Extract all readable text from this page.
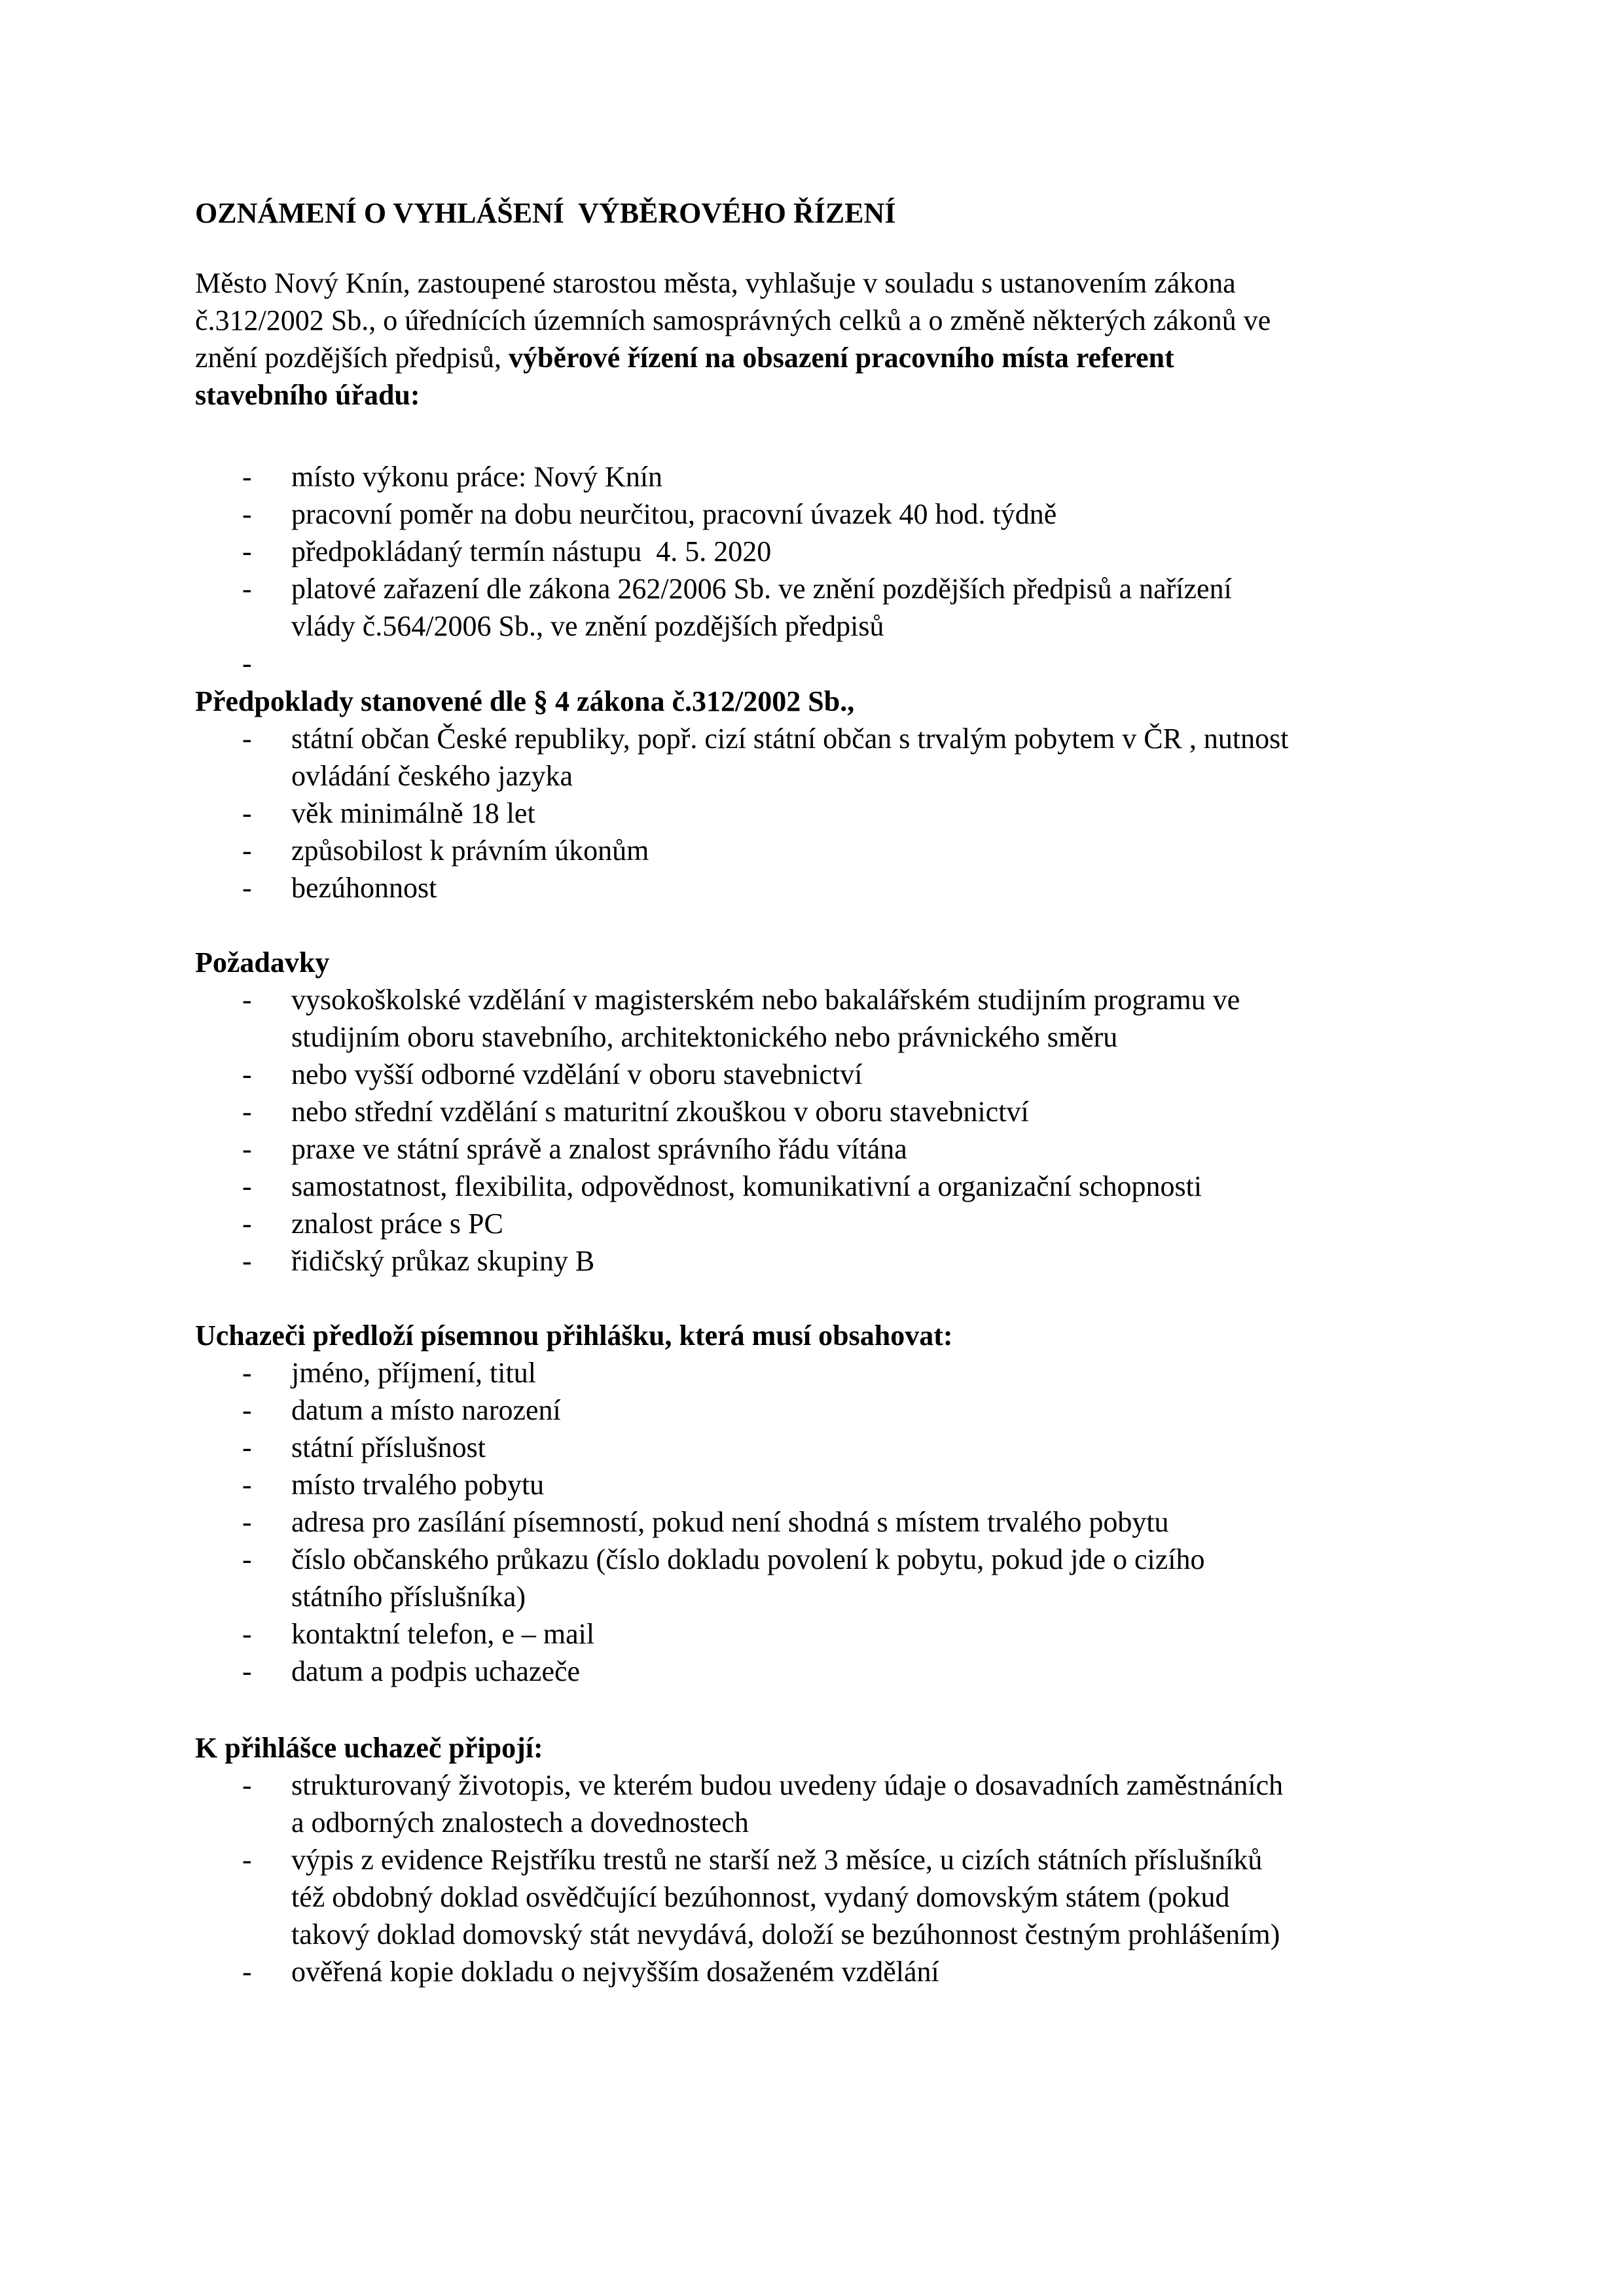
OZNÁMENÍ O VYHLÁŠENÍ  VÝBĚROVÉHO ŘÍZENÍ

Město Nový Knín, zastoupené starostou města, vyhlašuje v souladu s ustanovením zákona
č.312/2002 Sb., o úřednících územních samosprávných celků a o změně některých zákonů ve
znění pozdějších předpisů, výběrové řízení na obsazení pracovního místa referent
stavebního úřadu:

- místo výkonu práce: Nový Knín
- pracovní poměr na dobu neurčitou, pracovní úvazek 40 hod. týdně
- předpokládaný termín nástupu  4. 5. 2020
- platové zařazení dle zákona 262/2006 Sb. ve znění pozdějších předpisů a nařízení
vlády č.564/2006 Sb., ve znění pozdějších předpisů
-
Předpoklady stanovené dle § 4 zákona č.312/2002 Sb.,
- státní občan České republiky, popř. cizí státní občan s trvalým pobytem v ČR , nutnost
ovládání českého jazyka
- věk minimálně 18 let
- způsobilost k právním úkonům
- bezúhonnost
Požadavky
- vysokoškolské vzdělání v magisterském nebo bakalářském studijním programu ve
studijním oboru stavebního, architektonického nebo právnického směru
- nebo vyšší odborné vzdělání v oboru stavebnictví
- nebo střední vzdělání s maturitní zkouškou v oboru stavebnictví
- praxe ve státní správě a znalost správního řádu vítána
- samostatnost, flexibilita, odpovědnost, komunikativní a organizační schopnosti
- znalost práce s PC
- řidičský průkaz skupiny B
Uchazeči předloží písemnou přihlášku, která musí obsahovat:
- jméno, příjmení, titul
- datum a místo narození
- státní příslušnost
- místo trvalého pobytu
- adresa pro zasílání písemností, pokud není shodná s místem trvalého pobytu
- číslo občanského průkazu (číslo dokladu povolení k pobytu, pokud jde o cizího
státního příslušníka)
- kontaktní telefon, e – mail
- datum a podpis uchazeče
K přihlášce uchazeč připojí:
- strukturovaný životopis, ve kterém budou uvedeny údaje o dosavadních zaměstnáních
a odborných znalostech a dovednostech
- výpis z evidence Rejstříku trestů ne starší než 3 měsíce, u cizích státních příslušníků
též obdobný doklad osvědčující bezúhonnost, vydaný domovským státem (pokud
takový doklad domovský stát nevydává, doloží se bezúhonnost čestným prohlášením)
- ověřená kopie dokladu o nejvyšším dosaženém vzdělání
